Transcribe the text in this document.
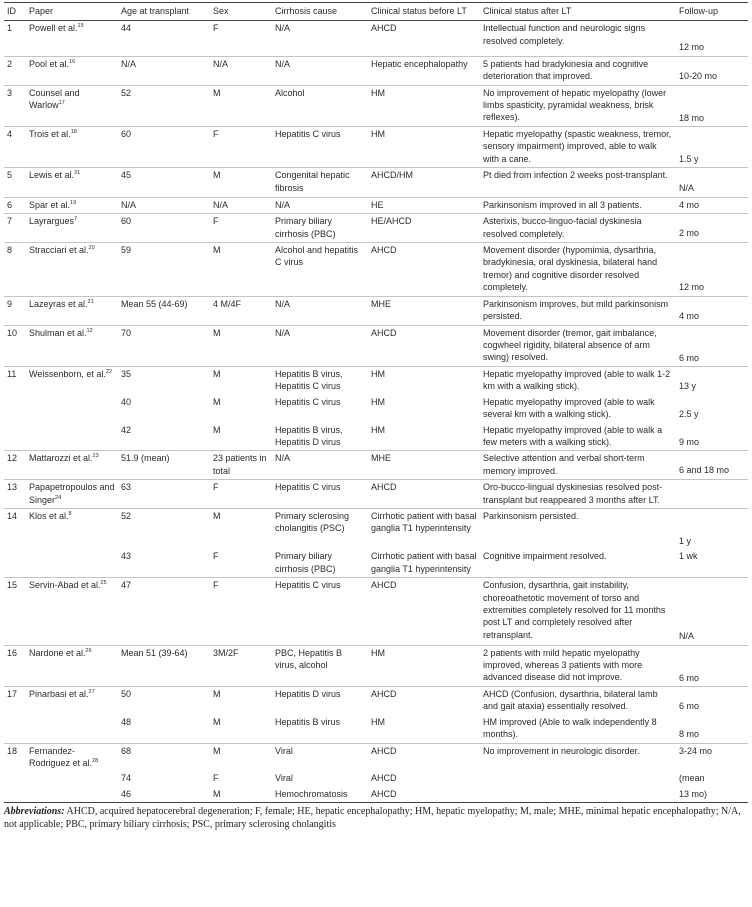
ID	Paper	Age at transplant	Sex	Cirrhosis cause	Clinical status before LT	Clinical status after LT	Follow-up
1	Powell et al.$^{15}$	44	F	N/A	AHCD	Intellectual function and neurologic signs resolved completely.	12 mo
2	Pool et al.$^{16}$	N/A	N/A	N/A	Hepatic encephalopathy	5 patients had bradykinesia and cognitive deterioration that improved.	10-20 mo
3	Counsel and Warlow$^{17}$	52	M	Alcohol	HM	No improvement of hepatic myelopathy (lower limbs spasticity, pyramidal weakness, brisk reflexes).	18 mo
4	Trois et al.$^{18}$	60	F	Hepatitis C virus	HM	Hepatic myelopathy (spastic weakness, tremor, sensory impairment) improved, able to walk with a cane.	1.5 y
5	Lewis et al.$^{31}$	45	M	Congenital hepatic fibrosis	AHCD/HM	Pt died from infection 2 weeks post-transplant.	N/A
6	Spar et al.$^{19}$	N/A	N/A	N/A	HE	Parkinsonism improved in all 3 patients.	4 mo
7	Layrargues$^7$	60	F	Primary biliary cirrhosis (PBC)	HE/AHCD	Asterixis, bucco-linguo-facial dyskinesia resolved completely.	2 mo
8	Stracciari et al.$^{20}$	59	M	Alcohol and hepatitis C virus	AHCD	Movement disorder (hypomimia, dysarthria, bradykinesia, oral dyskinesia, bilateral hand tremor) and cognitive disorder resolved completely.	12 mo
9	Lazeyras et al.$^{21}$	Mean 55 (44-69)	4 M/4F	N/A	MHE	Parkinsonism improves, but mild parkinsonism persisted.	4 mo
10	Shulman et al.$^{12}$	70	M	N/A	AHCD	Movement disorder (tremor, gait imbalance, cogwheel rigidity, bilateral absence of arm swing) resolved.	6 mo
11	Weissenborn, et al.$^{22}$	35	M	Hepatitis B virus, Hepatitis C virus	HM	Hepatic myelopathy improved (able to walk 1-2 km with a walking stick).	13 y
		40	M	Hepatitis C virus	HM	Hepatic myelopathy improved (able to walk several km with a walking stick).	2.5 y
		42	M	Hepatitis B virus, Hepatitis D virus	HM	Hepatic myelopathy improved (able to walk a few meters with a walking stick).	9 mo
12	Mattarozzi et al.$^{23}$	51.9 (mean)	23 patients in total	N/A	MHE	Selective attention and verbal short-term memory improved.	6 and 18 mo
13	Papapetropoulos and Singer$^{24}$	63	F	Hepatitis C virus	AHCD	Oro-bucco-lingual dyskinesias resolved post-transplant but reappeared 3 months after LT.	
14	Klos et al.$^8$	52	M	Primary sclerosing cholangitis (PSC)	Cirrhotic patient with basal ganglia T1 hyperintensity	Parkinsonism persisted.	1 y
		43	F	Primary biliary cirrhosis (PBC)	Cirrhotic patient with basal ganglia T1 hyperintensity	Cognitive impairment resolved.	1 wk
15	Servin-Abad et al.$^{25}$	47	F	Hepatitis C virus	AHCD	Confusion, dysarthria, gait instability, choreoathetotic movement of torso and extremities completely resolved for 11 months post LT and completely resolved after retransplant.	N/A
16	Nardone et al.$^{26}$	Mean 51 (39-64)	3M/2F	PBC, Hepatitis B virus, alcohol	HM	2 patients with mild hepatic myelopathy improved, whereas 3 patients with more advanced disease did not improve.	6 mo
17	Pinarbasi et al.$^{27}$	50	M	Hepatitis D virus	AHCD	AHCD (Confusion, dysarthria, bilateral lamb and gait ataxia) essentially resolved.	6 mo
		48	M	Hepatitis B virus	HM	HM improved (Able to walk independently 8 months).	8 mo
18	Fernandez-Rodriguez et al.$^{28}$	68	M	Viral	AHCD	No improvement in neurologic disorder.	3-24 mo
		74	F	Viral	AHCD		(mean
		46	M	Hemochromatosis	AHCD		13 mo)

Abbreviations: AHCD, acquired hepatocerebral degeneration; F, female; HE, hepatic encephalopathy; HM, hepatic myelopathy; M, male; MHE, minimal hepatic encephalopathy; N/A, not applicable; PBC, primary biliary cirrhosis; PSC, primary sclerosing cholangitis
